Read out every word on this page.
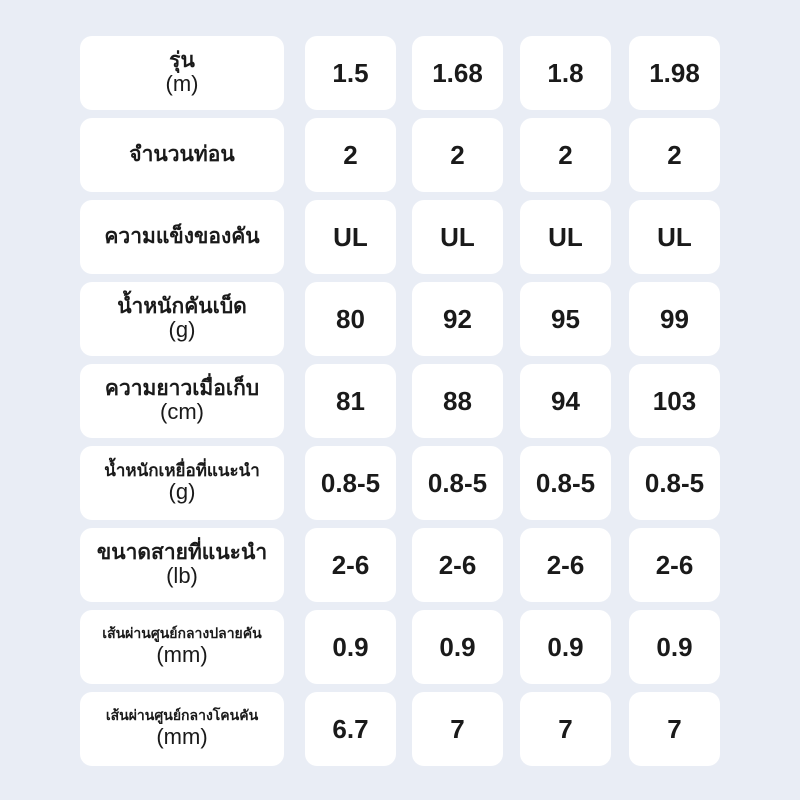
รุ่น
(m)	1.5 1.68 1.8	1.98
จำนวนท่อน	2	2	2	2
ความแข็งของคัน	UL	UL	UL	UL
น้ำหนักคันเบ็ด
(g)	80	92	95	99
ความยาวเมื่อเก็บ
(cm)	81	88	94	103
น้ำหนักเหยื่อที่แนะนำ
(g)	0.8-5 0.8-5 0.8-5 0.8-5
ขนาดสายที่แนะนำ
(lb)	2-6	2-6	2-6	2-6
เส้นผ่านศูนย์กลางปลายคัน
(mm)	0.9	0.9	0.9	0.9
เส้นผ่านศูนย์กลางโคนคัน
(mm)	6.7	7	7	7
